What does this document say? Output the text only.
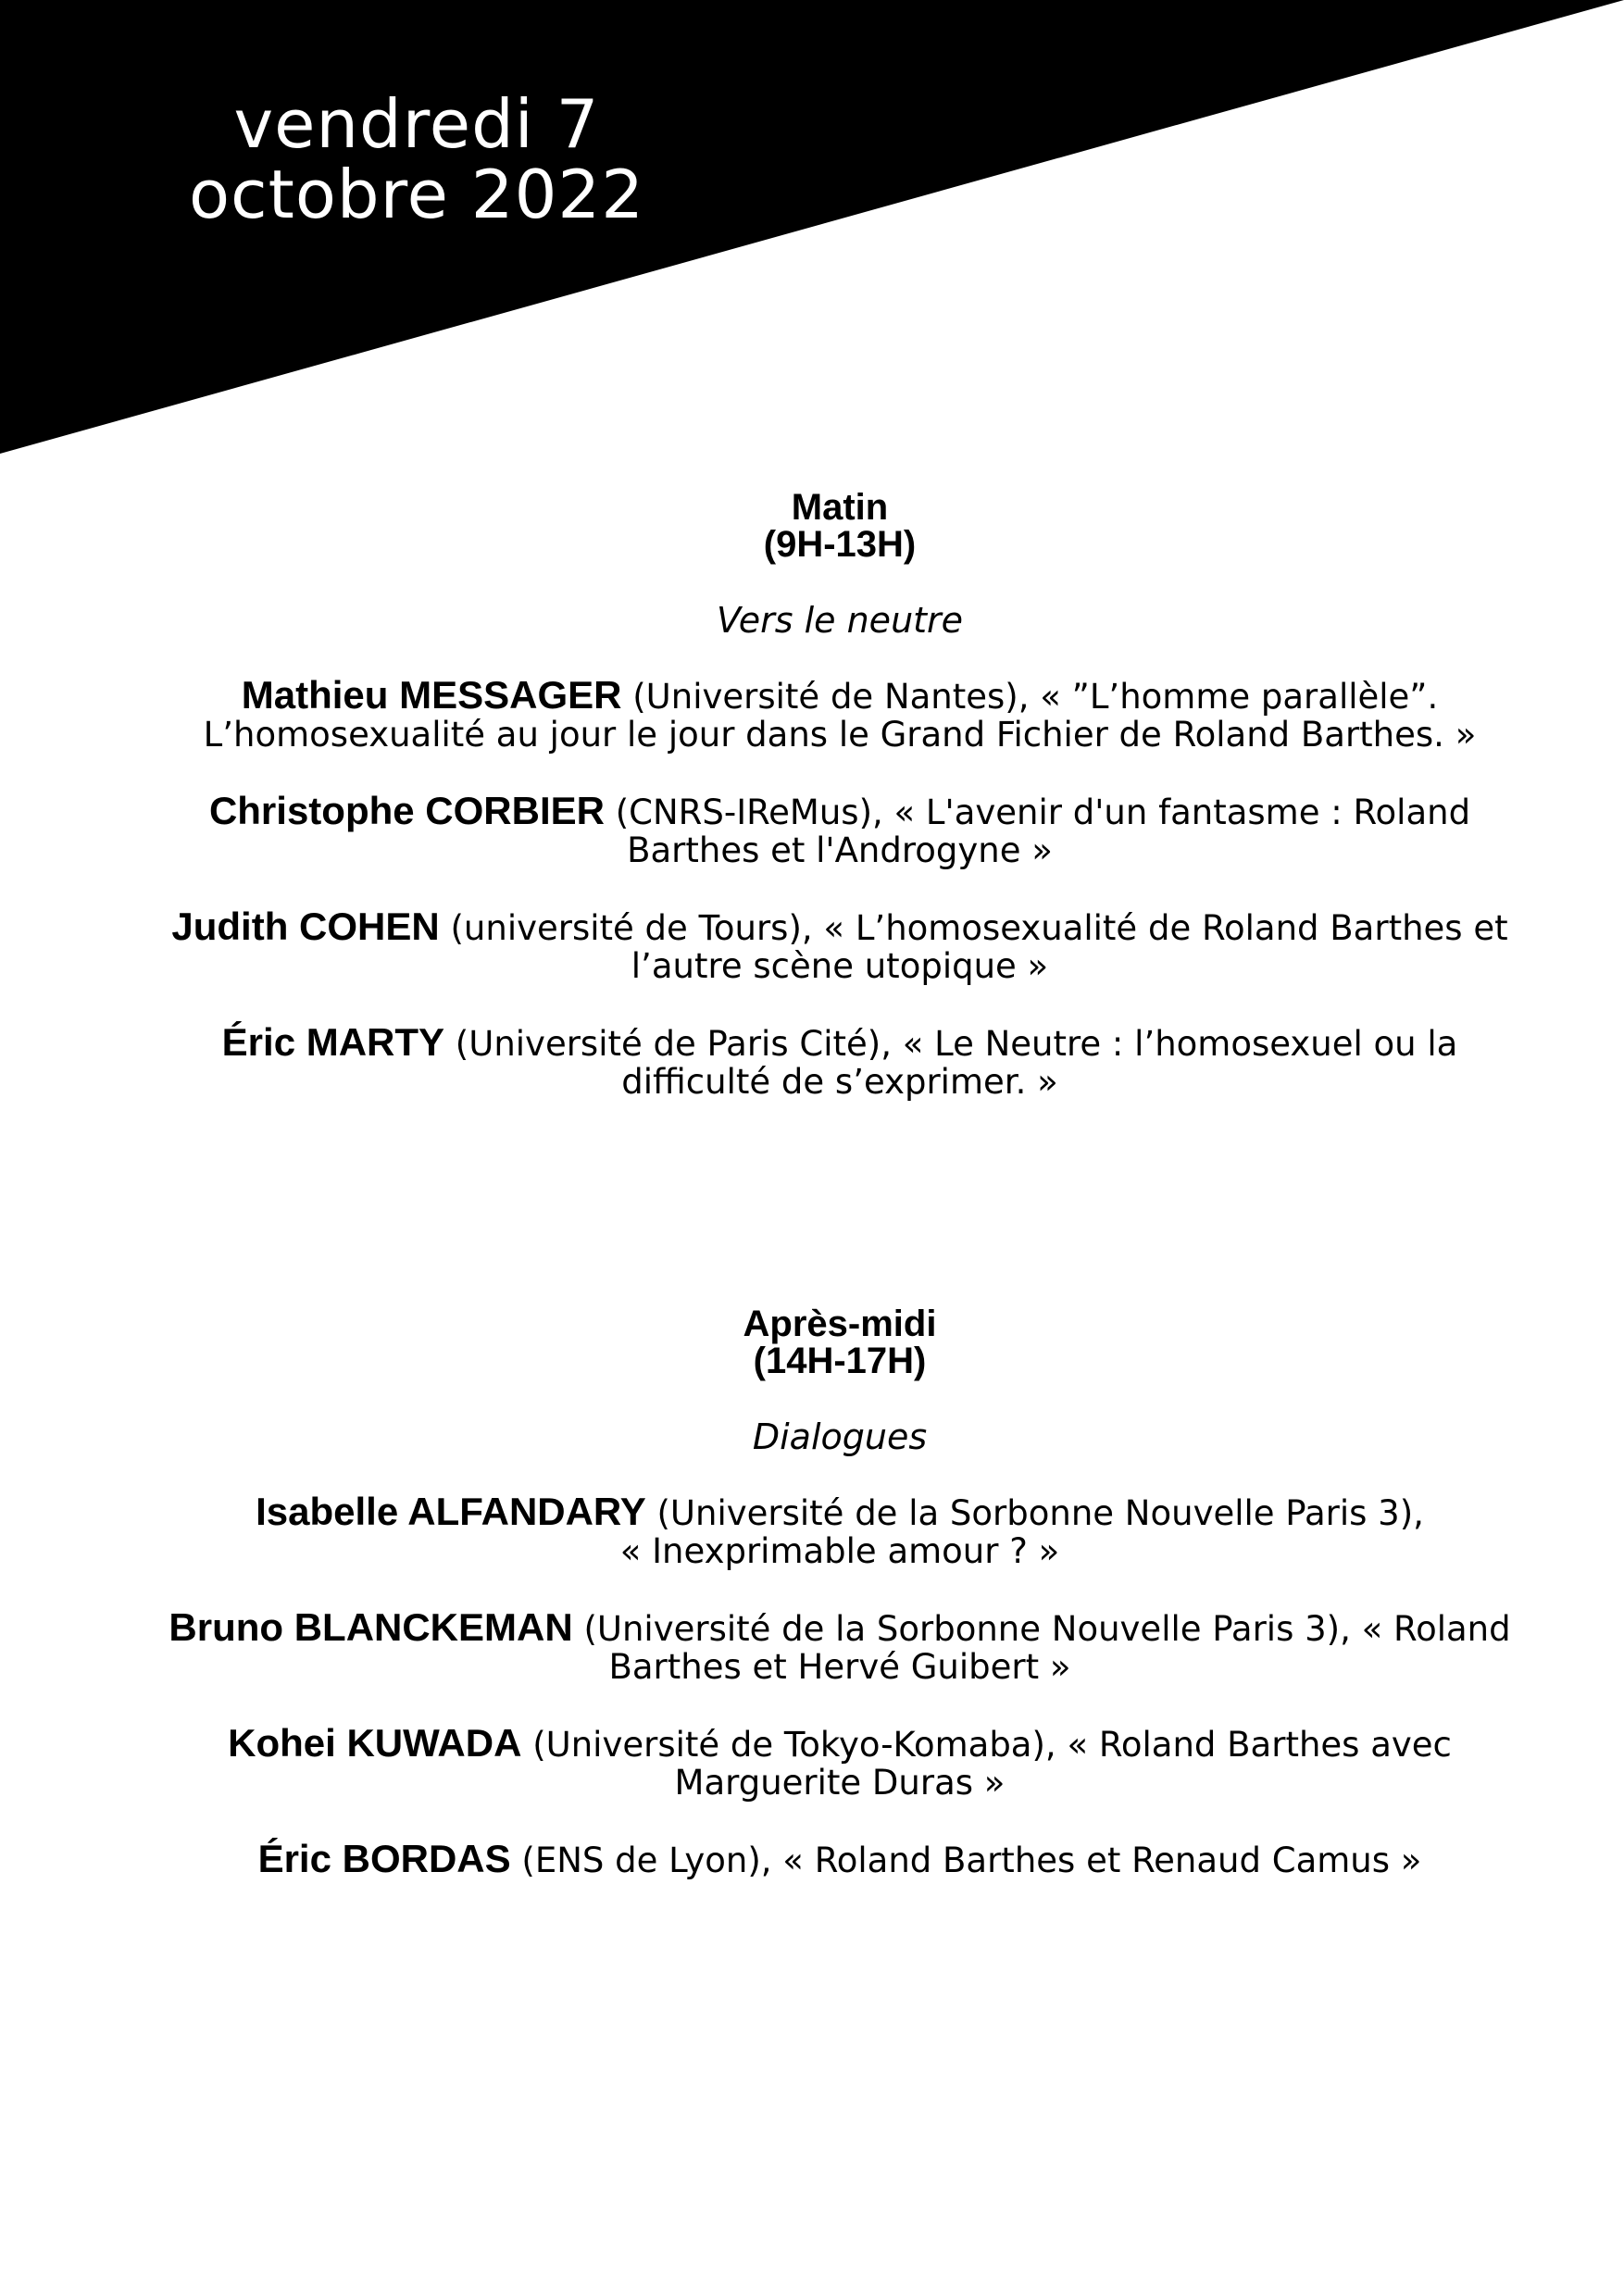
vendredi 7
octobre 2022
Matin
(9H-13H)
Vers le neutre
Mathieu MESSAGER (Université de Nantes), « ”L’homme parallèle”.
L’homosexualité au jour le jour dans le Grand Fichier de Roland Barthes. »
Christophe CORBIER (CNRS-IReMus), « L'avenir d'un fantasme : Roland
Barthes et l'Androgyne »
Judith COHEN (université de Tours), « L’homosexualité de Roland Barthes et
l’autre scène utopique »
Éric MARTY (Université de Paris Cité), « Le Neutre : l’homosexuel ou la
difficulté de s’exprimer. »
Après-midi
(14H-17H)
Dialogues
Isabelle ALFANDARY (Université de la Sorbonne Nouvelle Paris 3),
« Inexprimable amour ? »
Bruno BLANCKEMAN (Université de la Sorbonne Nouvelle Paris 3), « Roland
Barthes et Hervé Guibert »
Kohei KUWADA (Université de Tokyo-Komaba), « Roland Barthes avec
Marguerite Duras »
Éric BORDAS (ENS de Lyon), « Roland Barthes et Renaud Camus »
